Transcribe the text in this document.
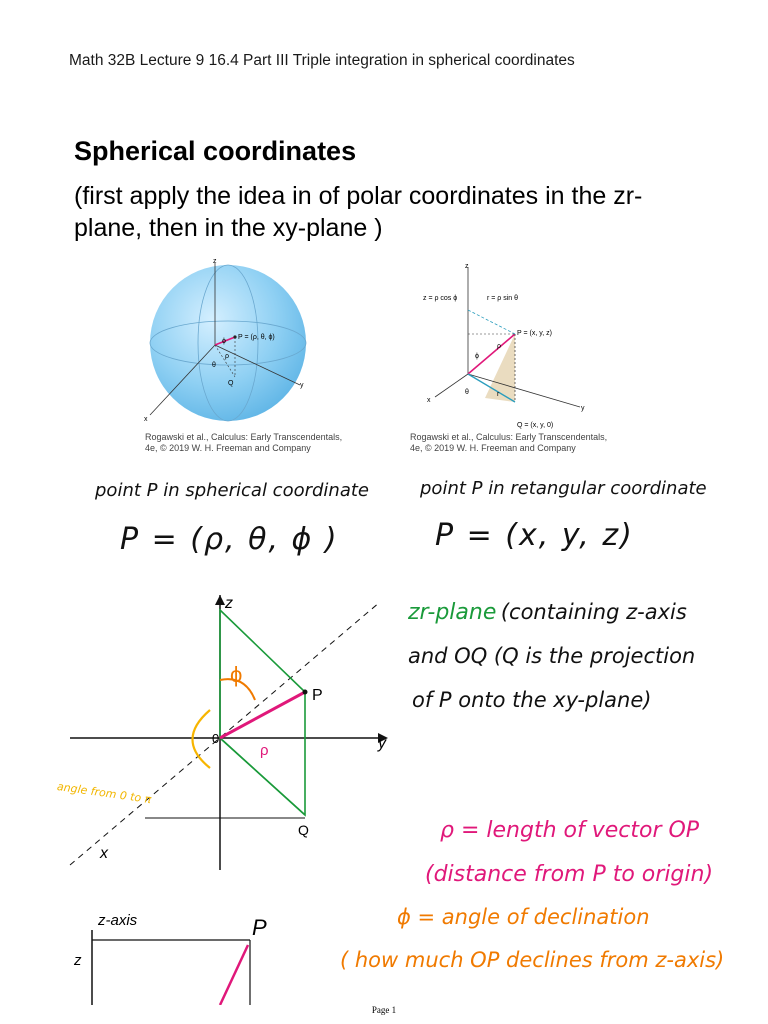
Math 32B Lecture 9 16.4 Part III Triple integration in spherical coordinates
Spherical coordinates
(first apply the idea in of polar coordinates in the zr-plane, then in the xy-plane )
z
y
x
ϕ
ρ
θ
Q
P = (ρ, θ, ϕ)
Rogawski et al., Calculus: Early Transcendentals,
4e, © 2019 W. H. Freeman and Company
z
y
x
z = ρ cos ϕ	r = ρ sin θ
P = (x, y, z)
Q = (x, y, 0)
ρ
ϕ
θ	r
Rogawski et al., Calculus: Early Transcendentals,
4e, © 2019 W. H. Freeman and Company
point P in spherical coordinate
P = (ρ, θ, ϕ )
point P in retangular coordinate
P = (x, y, z)
z
y
x
P
Q
0
ϕ
ρ
angle from 0 to π
zr-plane (containing z-axis
and OQ (Q is the projection
of P onto the xy-plane)
ρ = length of vector OP
(distance from P to origin)
ϕ = angle of declination
( how much OP declines from z-axis)
z-axis
z
P
Page 1
